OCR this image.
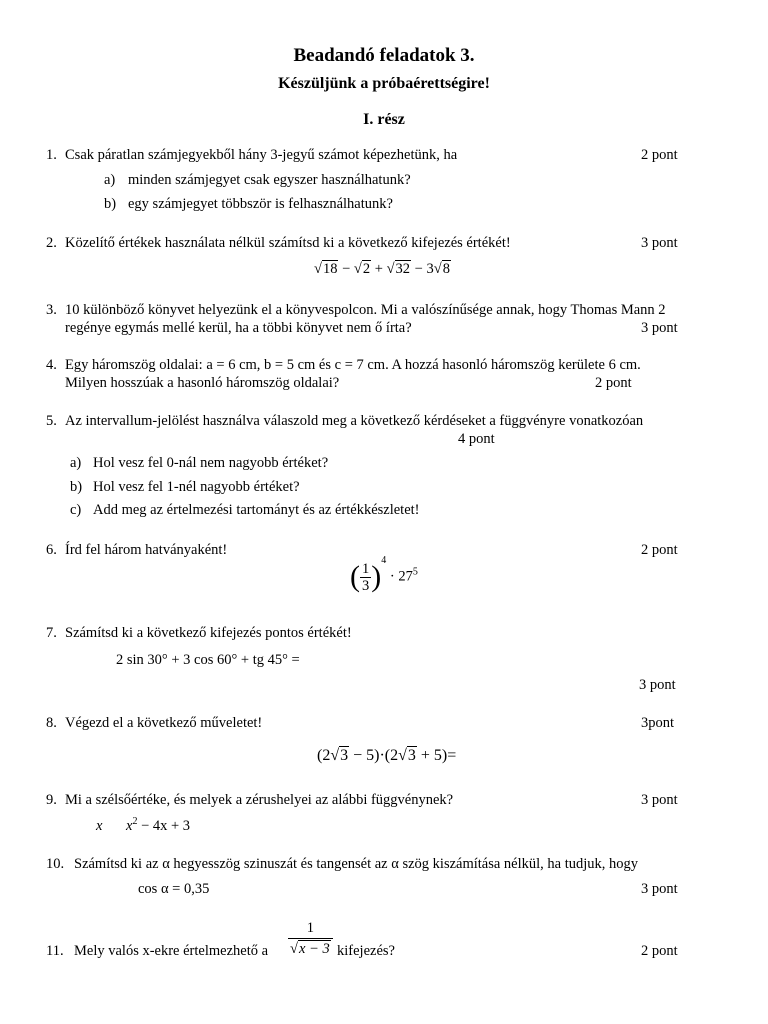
Beadandó feladatok 3.
Készüljünk a próbaérettségire!
I. rész
1. Csak páratlan számjegyekből hány 3-jegyű számot képezhetünk, ha	2 pont
a) minden számjegyet csak egyszer használhatunk?
b) egy számjegyet többször is felhasználhatunk?
2. Közelítő értékek használata nélkül számítsd ki a következő kifejezés értékét!	3 pont
√18 − √2 + √32 − 3√8
3. 10 különböző könyvet helyezünk el a könyvespolcon. Mi a valószínűsége annak, hogy Thomas Mann 2
regénye egymás mellé kerül, ha a többi könyvet nem ő írta?	3 pont
4. Egy háromszög oldalai: a = 6 cm, b = 5 cm és c = 7 cm. A hozzá hasonló háromszög kerülete 6 cm.
Milyen hosszúak a hasonló háromszög oldalai?	2 pont
5. Az intervallum-jelölést használva válaszold meg a következő kérdéseket a függvényre vonatkozóan
4 pont
a) Hol vesz fel 0-nál nem nagyobb értéket?
b) Hol vesz fel 1-nél nagyobb értéket?
c) Add meg az értelmezési tartományt és az értékkészletet!
6. Írd fel három hatványaként!	2 pont
( $\frac{1}{3} )^4 \cdot 27^5$
7. Számítsd ki a következő kifejezés pontos értékét!
2 sin 30° + 3 cos 60° + tg 45° =
3 pont
8. Végezd el a következő műveletet!	3pont
(2√3 − 5)·(2√3 + 5)=
9. Mi a szélsőértéke, és melyek a zérushelyei az alábbi függvénynek?	3 pont
x $x^2 - 4x + 3$
10. Számítsd ki az α hegyesszög szinuszát és tangensét az α szög kiszámítása nélkül, ha tudjuk, hogy
cos α = 0,35	3 pont
11. Mely valós x-ekre értelmezhető a $\frac{1}{√x - 3}$ kifejezés?	2 pont
